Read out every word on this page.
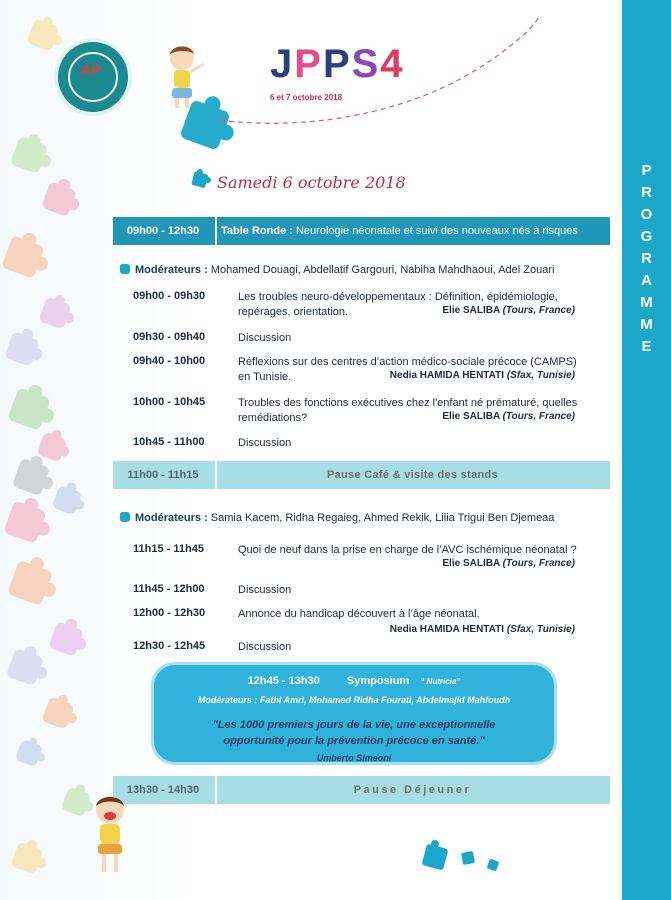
AP	JPPS4
6 et 7 octobre 2018
P
R
O
G
R
A
M
M
E
Samedi 6 octobre 2018
09h00 - 12h30	Table Ronde : Neurologie néonatale et suivi des nouveaux nés à risques
Modérateurs : Mohamed Douagi, Abdellatif Gargouri, Nabiha Mahdhaoui, Adel Zouari
09h00 - 09h30	Les troubles neuro-développementaux : Définition, épidémiologie, repérages, orientation.	Elie SALIBA (Tours, France)
09h30 - 09h40	Discussion
09h40 - 10h00	Réflexions sur des centres d’action médico-sociale précoce (CAMPS) en Tunisie.	Nedia HAMIDA HENTATI (Sfax, Tunisie)
10h00 - 10h45	Troubles des fonctions exécutives chez l'enfant né prématuré, quelles remédiations?	Elie SALIBA (Tours, France)
10h45 - 11h00	Discussion
11h00 - 11h15	Pause Café & visite des stands
Modérateurs : Samia Kacem, Ridha Regaieg, Ahmed Rekik, Lilia Trigui Ben Djemeaa
11h15 - 11h45	Quoi de neuf dans la prise en charge de l’AVC ischémique néonatal ?
Elie SALIBA (Tours, France)
11h45 - 12h00	Discussion
12h00 - 12h30	Annonce du handicap découvert à l’âge néonatal.
Nedia HAMIDA HENTATI (Sfax, Tunisie)
12h30 - 12h45	Discussion
12h45 - 13h30 Symposium “ Nutricia”
Modérateurs : Fathi Amri, Mohamed Ridha Fourati, Abdelmajid Mahfoudh
"Les 1000 premiers jours de la vie, une exceptionnelle opportunité pour la prévention précoce en santé."
Umberto Simeoni
13h30 - 14h30	Pause Déjeuner
